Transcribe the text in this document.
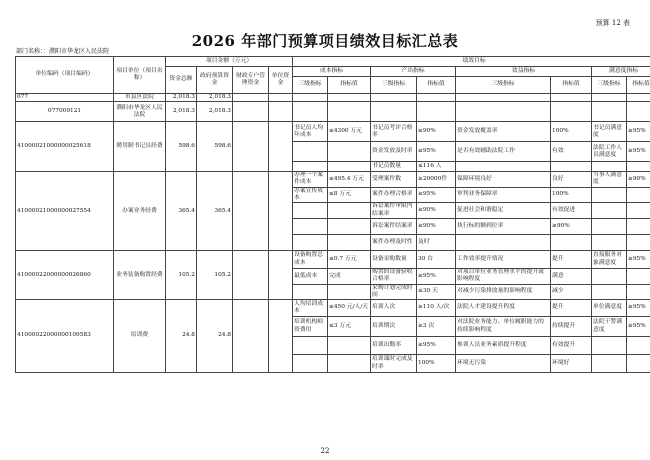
预算 12 表
2026 年部门预算项目绩效目标汇总表
部门名称：：濮阳市华龙区人民法院
单位编码（项目编码）	项目单位（项目名称）	项目金额（万元）				绩效目标							
		资金总额	政府预算资金	财政专户管理资金	单位资金	成本指标		产出指标		效益指标		满意度指标	
						三级指标	指标值	三级指标	指标值	三级指标	指标值	三级指标	指标值
077	市县区法院	2,018.3	2,018.3										
077009121	濮阳市华龙区人民法院	2,018.3	2,018.3										
41000021000000025618	聘用制书记员经费	598.6	598.6			书记员人均年成本	≤4300 万元	书记员考评合格率	≥90%	资金发放覆盖率	100%	书记员满意度	≥95%
								资金发放及时率	≥95%	是否有效辅助法院工作	有效	法院工作人员满意度	≥95%
								书记员数量	≤116 人				
41000021000000027554	办案业务经费	365.4	365.4			办理一个案件成本	≤495.4 万元	受理案件数	≥20000件	保障环境良好	良好	当事人满意度	≥90%
						办案宣传成本	≤8 万元	案件办理合格率	≥95%	审判业务保障率	100%		
								诉讼案件审限内结案率	≥90%	促进社会和谐稳定	有效促进		
								诉讼案件结案率	≥90%	执行标的额到位率	≥90%		
								案件办理及时性	及时				
41000022000000026860	业务装备购置经费	105.2	105.2			设备购置总成本	≤0.7 万元	设备采购数量	30 台	工作效率提升情况	提升	直接服务对象满意度	≥95%
						最低成本	完成	购置的设备验收合格率	≥95%	对项目单位业务管理水平的提升或影响程度	满意		
								采购计划完成时间	≤30 天	对减少污染排放量的影响程度	减少		
41000022000000109583	培训费	24.8	24.8			人均培训成本	≤450 元/人/天	培训人次	≥110 人/次	法院人才建设提升程度	提升	单位满意度	≥95%
						培训机构师资费用	≤3 万元	培训期次	≥3 次	对法院业务能力、单位履职能力的持续影响程度	持续提升	法院干警满意度	≥95%
								培训出勤率	≥95%	参训人员业务素质提升程度	有效提升		
								培训课时完成及时率	100%	环境无污染	环境好		
22
